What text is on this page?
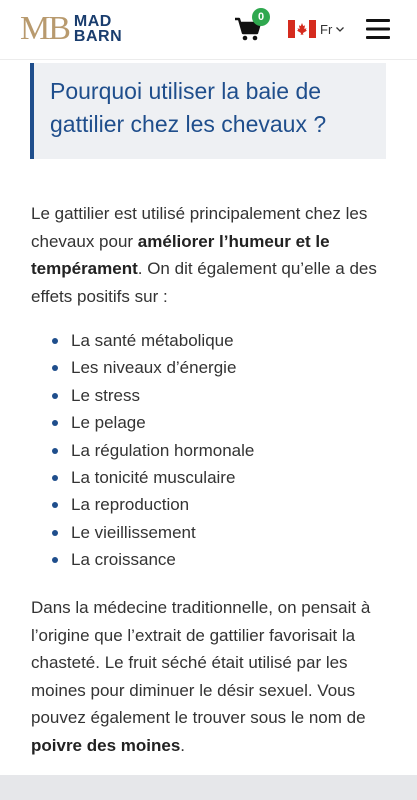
MB MAD
BARN
0
Fr
Pourquoi utiliser la baie de gattilier chez les chevaux ?

Le gattilier est utilisé principalement chez les chevaux pour améliorer l’humeur et le tempérament. On dit également qu’elle a des effets positifs sur :

La santé métabolique
Les niveaux d’énergie
Le stress
Le pelage
La régulation hormonale
La tonicité musculaire
La reproduction
Le vieillissement
La croissance

Dans la médecine traditionnelle, on pensait à l’origine que l’extrait de gattilier favorisait la chasteté. Le fruit séché était utilisé par les moines pour diminuer le désir sexuel. Vous pouvez également le trouver sous le nom de poivre des moines.
